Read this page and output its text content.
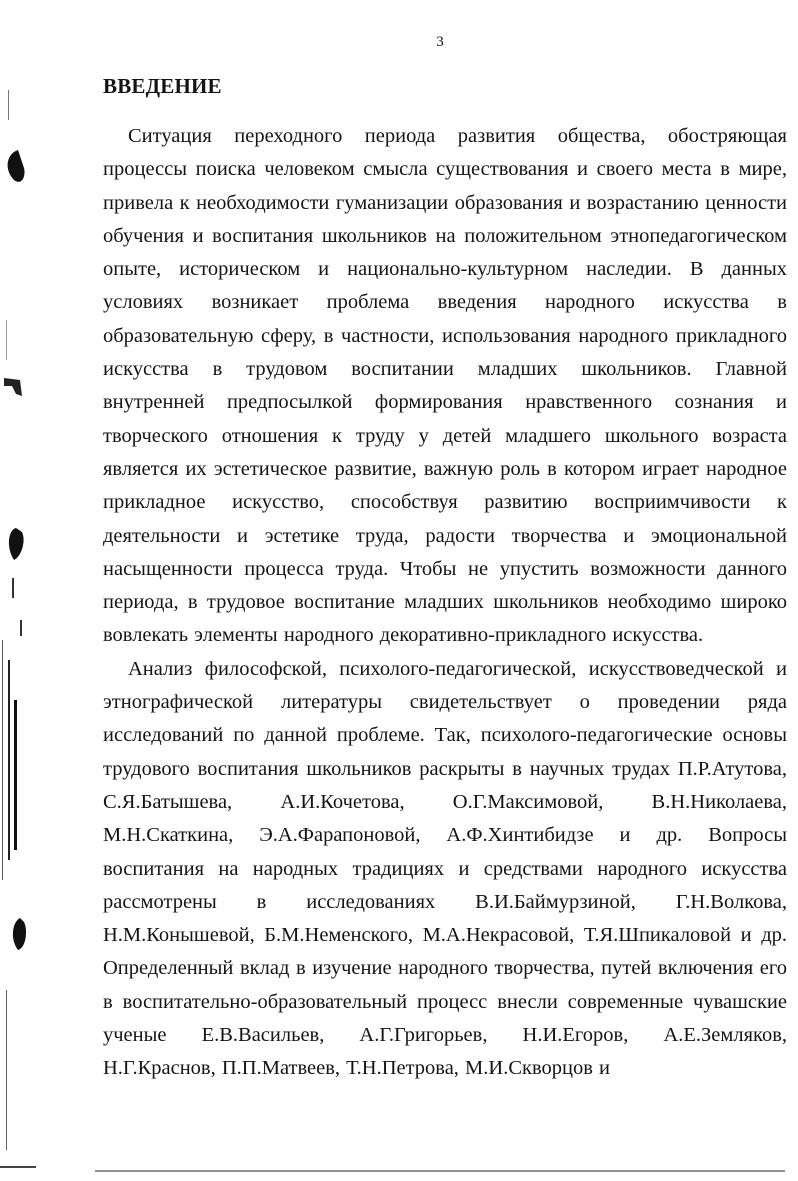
3
ВВЕДЕНИЕ

Ситуация переходного периода развития общества, обостряющая процессы поиска человеком смысла существования и своего места в мире, привела к необходимости гуманизации образования и возрастанию ценности обучения и воспитания школьников на положительном этнопедагогическом опыте, историческом и национально-культурном наследии. В данных условиях возникает проблема введения народного искусства в образовательную сферу, в частности, использования народного прикладного искусства в трудовом воспитании младших школьников. Главной внутренней предпосылкой формирования нравственного сознания и творческого отношения к труду у детей младшего школьного возраста является их эстетическое развитие, важную роль в котором играет народное прикладное искусство, способствуя развитию восприимчивости к деятельности и эстетике труда, радости творчества и эмоциональной насыщенности процесса труда. Чтобы не упустить возможности данного периода, в трудовое воспитание младших школьников необходимо широко вовлекать элементы народного декоративно-прикладного искусства.

Анализ философской, психолого-педагогической, искусствоведческой и этнографической литературы свидетельствует о проведении ряда исследований по данной проблеме. Так, психолого-педагогические основы трудового воспитания школьников раскрыты в научных трудах П.Р.Атутова, С.Я.Батышева, А.И.Кочетова, О.Г.Максимовой, В.Н.Николаева, М.Н.Скаткина, Э.А.Фарапоновой, А.Ф.Хинтибидзе и др. Вопросы воспитания на народных традициях и средствами народного искусства рассмотрены в исследованиях В.И.Баймурзиной, Г.Н.Волкова, Н.М.Конышевой, Б.М.Неменского, М.А.Некрасовой, Т.Я.Шпикаловой и др. Определенный вклад в изучение народного творчества, путей включения его в воспитательно-образовательный процесс внесли современные чувашские ученые Е.В.Васильев, А.Г.Григорьев, Н.И.Егоров, А.Е.Земляков, Н.Г.Краснов, П.П.Матвеев, Т.Н.Петрова, М.И.Скворцов и
